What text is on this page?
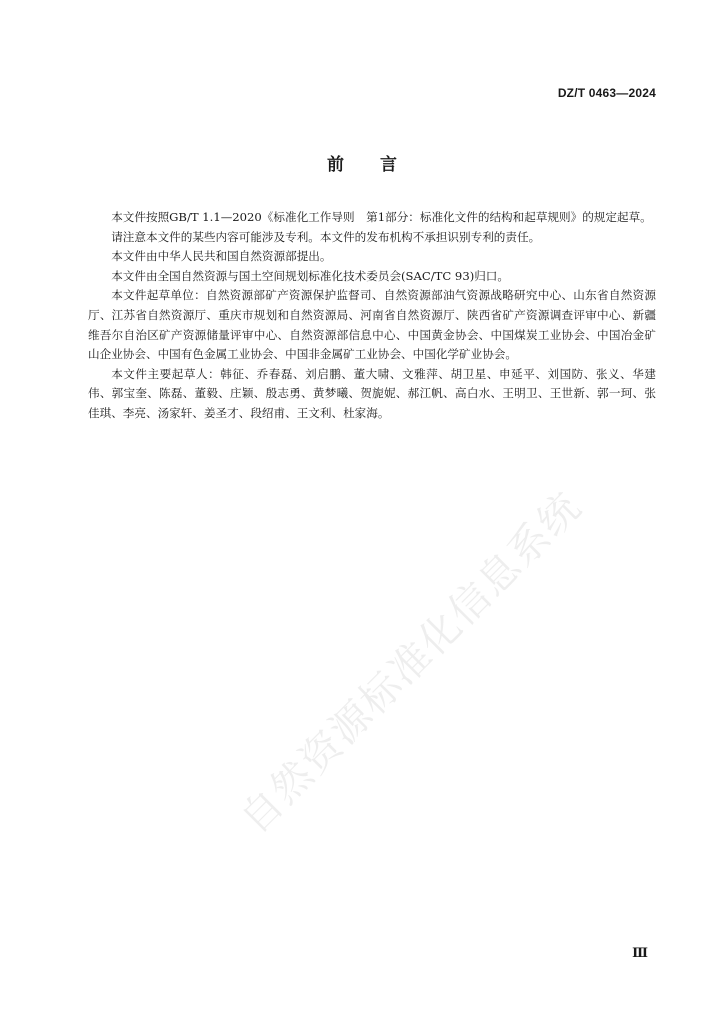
DZ/T 0463—2024
前言

本文件按照GB/T 1.1—2020《标准化工作导则　第1部分：标准化文件的结构和起草规则》的规定起草。

请注意本文件的某些内容可能涉及专利。本文件的发布机构不承担识别专利的责任。

本文件由中华人民共和国自然资源部提出。

本文件由全国自然资源与国土空间规划标准化技术委员会(SAC/TC 93)归口。

本文件起草单位：自然资源部矿产资源保护监督司、自然资源部油气资源战略研究中心、山东省自然资源厅、江苏省自然资源厅、重庆市规划和自然资源局、河南省自然资源厅、陕西省矿产资源调查评审中心、新疆维吾尔自治区矿产资源储量评审中心、自然资源部信息中心、中国黄金协会、中国煤炭工业协会、中国冶金矿山企业协会、中国有色金属工业协会、中国非金属矿工业协会、中国化学矿业协会。

本文件主要起草人：韩征、乔春磊、刘启鹏、董大啸、文雅萍、胡卫星、申延平、刘国防、张义、华建伟、郭宝奎、陈磊、董毅、庄颖、殷志勇、黄梦曦、贺旎妮、郝江帆、高白水、王明卫、王世新、郭一珂、张佳琪、李亮、汤家轩、姜圣才、段绍甫、王文利、杜家海。

自然资源标准化信息系统
Ⅲ
